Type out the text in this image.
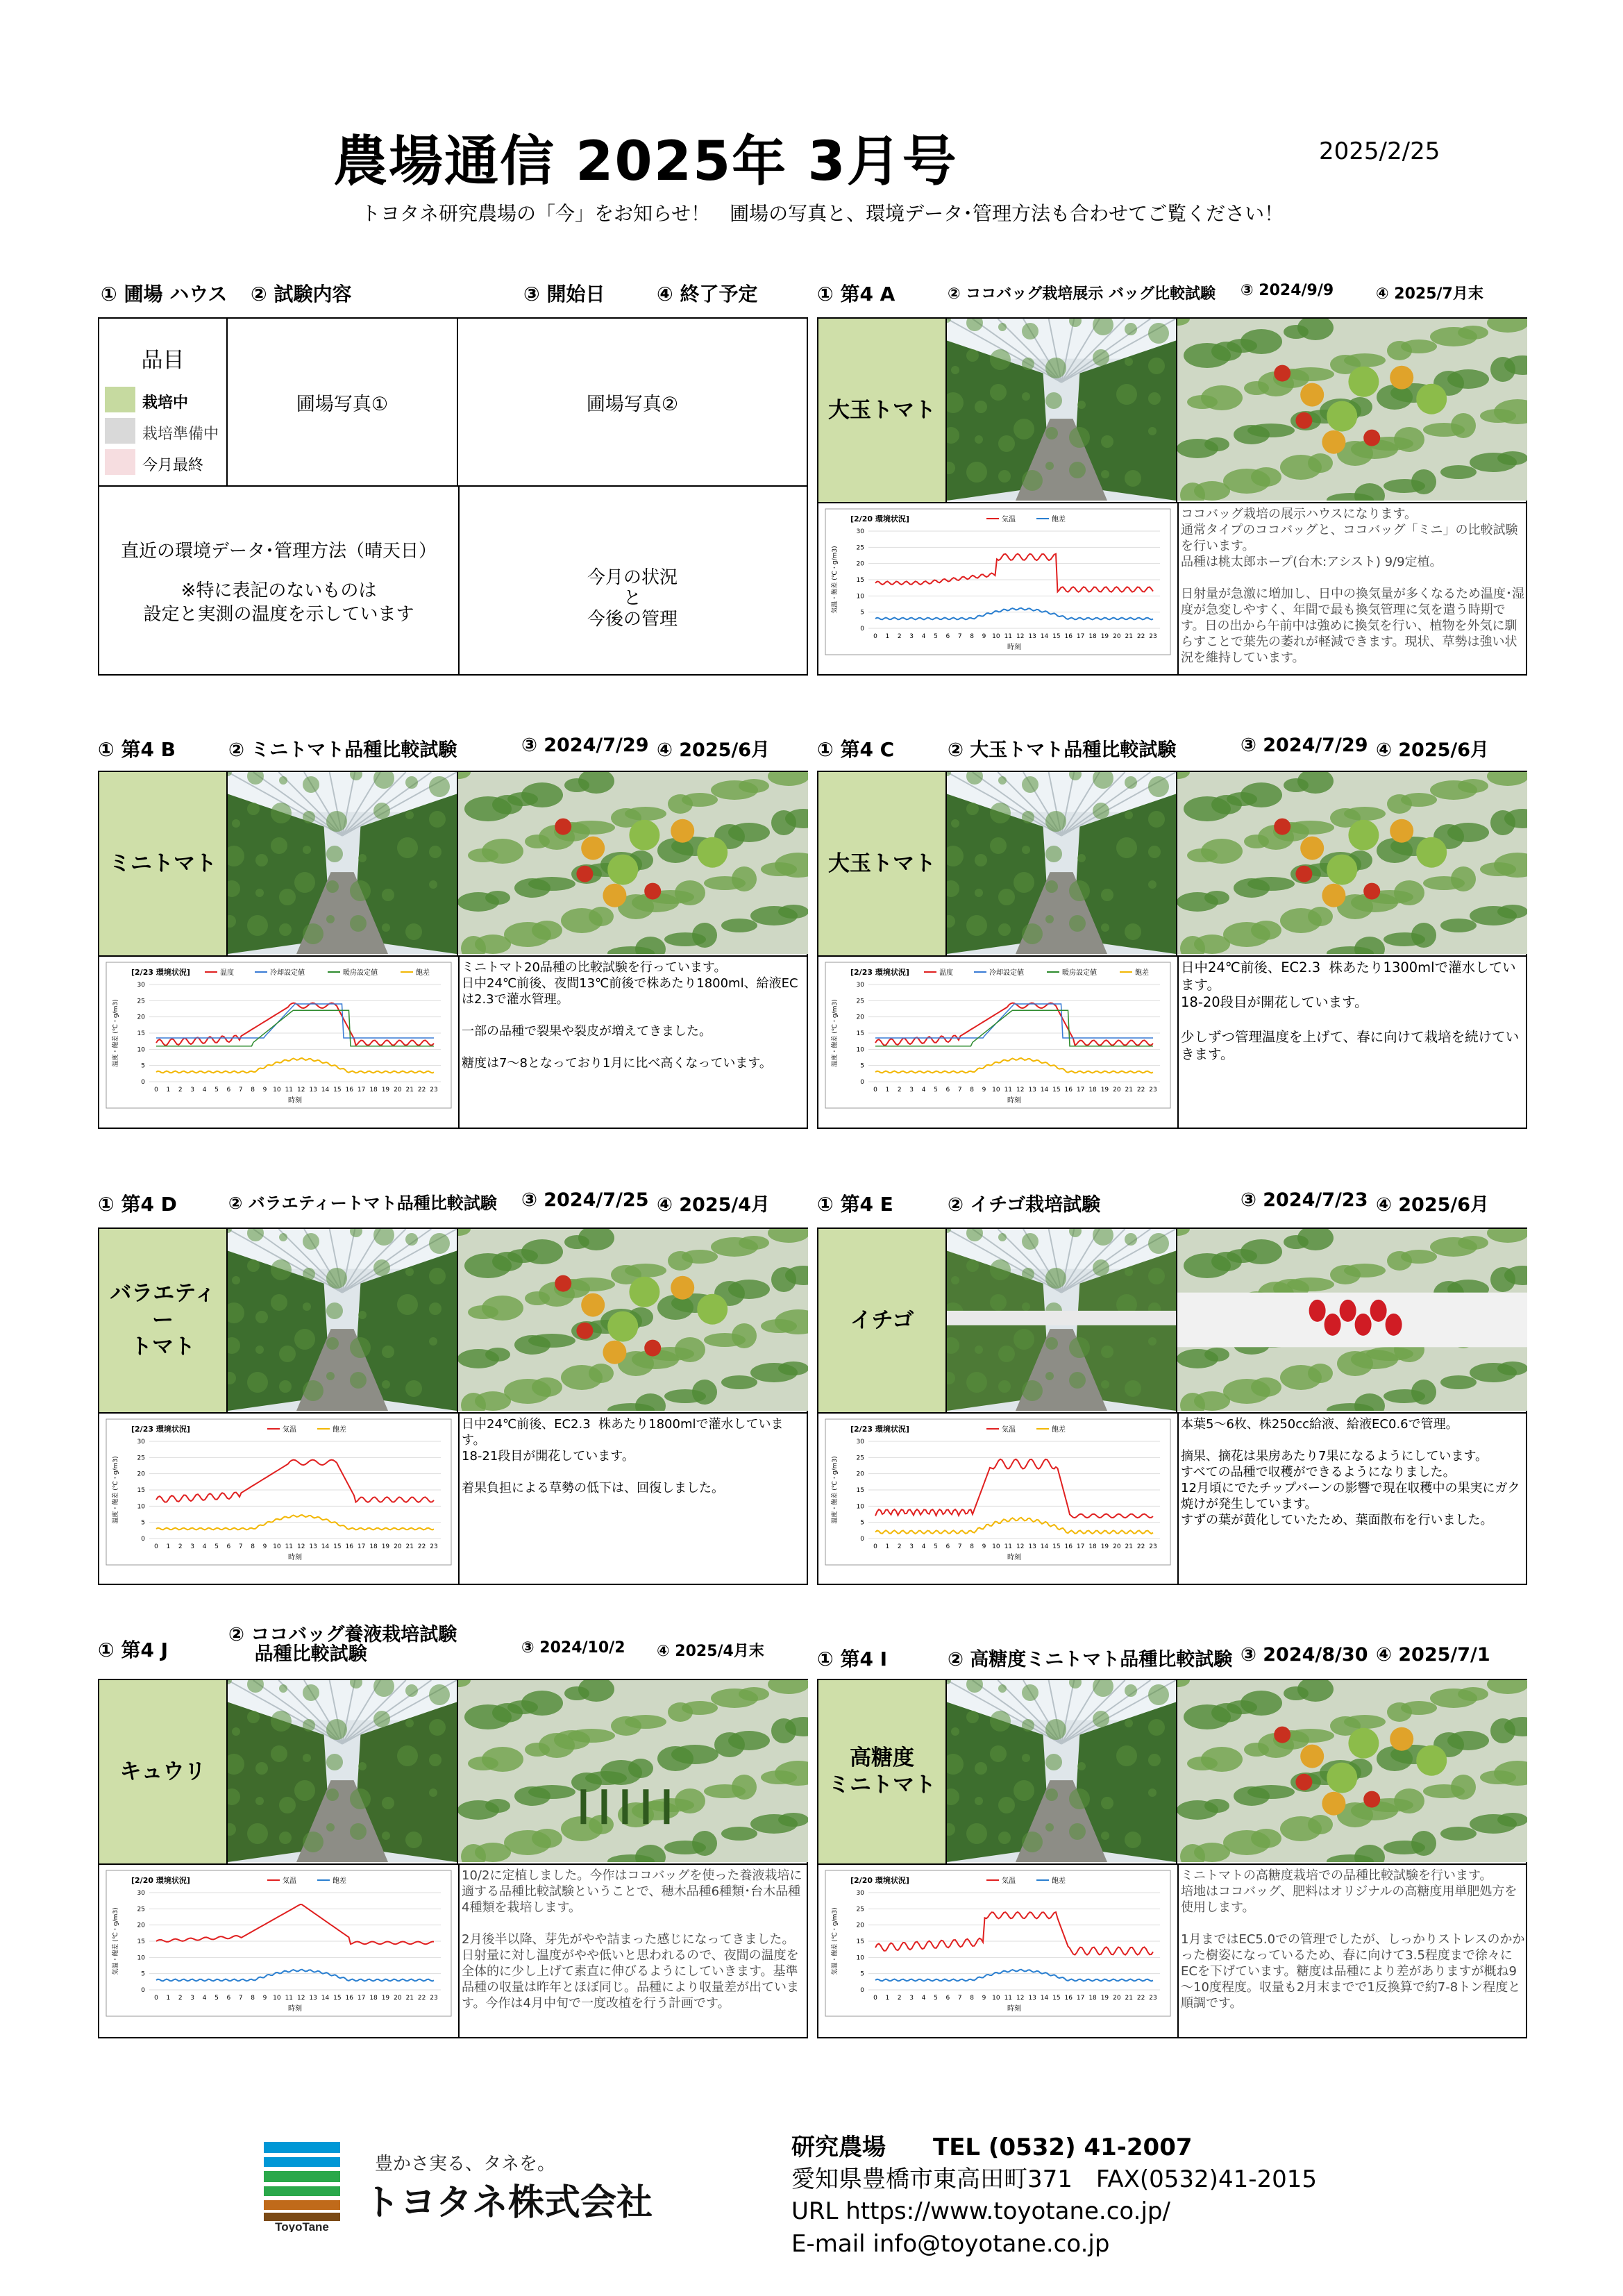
農場通信 2025年 3月号	2025/2/25
トヨタネ研究農場の「今」をお知らせ！　圃場の写真と、環境データ･管理方法も合わせてご覧ください！
① 圃場 ハウス ② 試験内容	③ 開始日	④ 終了予定
品目
栽培中
栽培準備中
今月最終
圃場写真①	圃場写真②
直近の環境データ･管理方法（晴天日）
※特に表記のないものは
設定と実測の温度を示しています
今月の状況
と
今後の管理
① 第4 A	② ココバッグ栽培展示 バッグ比較試験 ③ 2024/9/9	④ 2025/7月末
大玉トマト
[2/20 環境状況]	気温	飽差
0
5
10
15
20
25
30
0 1 2 3 4 5 6 7 8 9 10 11 12 13 14 15 16 17 18 19 20 21 22 23
時刻
気温・飽差 (℃・g/m3)
ココバッグ栽培の展示ハウスになります。
通常タイプのココバッグと、ココバッグ「ミニ」の比較試験を行います。
品種は桃太郎ホープ(台木:アシスト) 9/9定植。

日射量が急激に増加し、日中の換気量が多くなるため温度･湿度が急変しやすく、年間で最も換気管理に気を遣う時期です。日の出から午前中は強めに換気を行い、植物を外気に馴らすことで葉先の萎れが軽減できます。現状、草勢は強い状況を維持しています。
① 第4 B	② ミニトマト品種比較試験	③ 2024/7/29 ④ 2025/6月
ミニトマト
[2/23 環境状況]	温度	冷却設定値	暖房設定値	飽差
0
5
10
15
20
25
30
0 1 2 3 4 5 6 7 8 9 10 11 12 13 14 15 16 17 18 19 20 21 22 23
時刻
温度・飽差 (℃・g/m3)
ミニトマト20品種の比較試験を行っています。
日中24℃前後、夜間13℃前後で株あたり1800ml、給液ECは2.3で灌水管理。

一部の品種で裂果や裂皮が増えてきました。

糖度は7～8となっており1月に比べ高くなっています。
① 第4 C	② 大玉トマト品種比較試験	③ 2024/7/29 ④ 2025/6月
大玉トマト
[2/23 環境状況]	温度	冷却設定値	暖房設定値	飽差
0
5
10
15
20
25
30
0 1 2 3 4 5 6 7 8 9 10 11 12 13 14 15 16 17 18 19 20 21 22 23
時刻
温度・飽差 (℃・g/m3)
日中24℃前後、EC2.3  株あたり1300mlで灌水しています。
18-20段目が開花しています。

少しずつ管理温度を上げて、春に向けて栽培を続けていきます。
① 第4 D	② バラエティートマト品種比較試験 ③ 2024/7/25 ④ 2025/4月
バラエティー
トマト
[2/23 環境状況]	気温	飽差
0
5
10
15
20
25
30
0 1 2 3 4 5 6 7 8 9 10 11 12 13 14 15 16 17 18 19 20 21 22 23
時刻
温度・飽差 (℃・g/m3)
日中24℃前後、EC2.3  株あたり1800mlで灌水しています。
18-21段目が開花しています。

着果負担による草勢の低下は、回復しました。
① 第4 E	② イチゴ栽培試験	③ 2024/7/23 ④ 2025/6月
イチゴ
[2/23 環境状況]	気温	飽差
0
5
10
15
20
25
30
0 1 2 3 4 5 6 7 8 9 10 11 12 13 14 15 16 17 18 19 20 21 22 23
時刻
温度・飽差 (℃・g/m3)
本葉5～6枚、株250cc給液、給液EC0.6で管理。

摘果、摘花は果房あたり7果になるようにしています。
すべての品種で収穫ができるようになりました。
12月頃にでたチップバーンの影響で現在収穫中の果実にガク焼けが発生しています。
すずの葉が黄化していたため、葉面散布を行いました。
① 第4 J
② ココバッグ養液栽培試験
品種比較試験	③ 2024/10/2 ④ 2025/4月末
キュウリ
[2/20 環境状況]	気温	飽差
0
5
10
15
20
25
30
0 1 2 3 4 5 6 7 8 9 10 11 12 13 14 15 16 17 18 19 20 21 22 23
時刻
気温・飽差 (℃・g/m3)
10/2に定植しました。今作はココバッグを使った養液栽培に適する品種比較試験ということで、穂木品種6種類･台木品種4種類を栽培します。

2月後半以降、芽先がやや詰まった感じになってきました。日射量に対し温度がやや低いと思われるので、夜間の温度を全体的に少し上げて素直に伸びるようにしていきます。基準品種の収量は昨年とほぼ同じ。品種により収量差が出ています。今作は4月中旬で一度改植を行う計画です。
① 第4 I	② 高糖度ミニトマト品種比較試験 ③ 2024/8/30 ④ 2025/7/1
高糖度
ミニトマト
[2/20 環境状況]	気温	飽差
0
5
10
15
20
25
30
0 1 2 3 4 5 6 7 8 9 10 11 12 13 14 15 16 17 18 19 20 21 22 23
時刻
気温・飽差 (℃・g/m3)
ミニトマトの高糖度栽培での品種比較試験を行います。
培地はココバッグ、肥料はオリジナルの高糖度用単肥処方を使用します。

1月まではEC5.0での管理でしたが、しっかりストレスのかかった樹姿になっているため、春に向けて3.5程度まで徐々にECを下げています。糖度は品種により差がありますが概ね9～10度程度。収量も2月末までで1反換算で約7-8トン程度と順調です。
ToyoTane
豊かさ実る、タネを。
トヨタネ株式会社
研究農場　　TEL (0532) 41-2007
愛知県豊橋市東高田町371　FAX(0532)41-2015
URL https://www.toyotane.co.jp/
E-mail info@toyotane.co.jp
